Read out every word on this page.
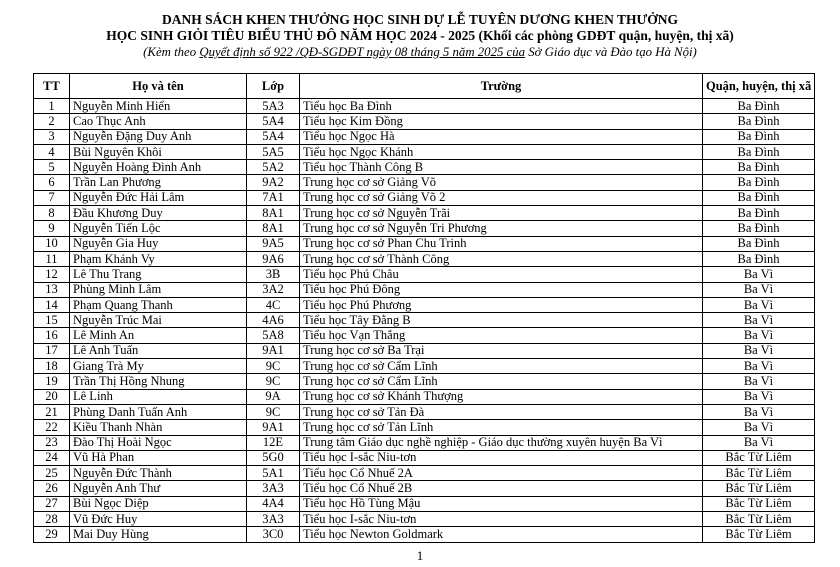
DANH SÁCH KHEN THƯỞNG HỌC SINH DỰ LỄ TUYÊN DƯƠNG KHEN THƯỞNG
HỌC SINH GIỎI TIÊU BIỂU THỦ ĐÔ NĂM HỌC 2024 - 2025 (Khối các phòng GDĐT quận, huyện, thị xã)
(Kèm theo Quyết định số 922 /QĐ-SGDĐT ngày 08 tháng 5 năm 2025 của Sở Giáo dục và Đào tạo Hà Nội)
TT	Họ và tên	Lớp	Trường	Quận, huyện, thị xã
1	Nguyễn Minh Hiển	5A3	Tiểu học Ba Đình	Ba Đình
2	Cao Thục Anh	5A4	Tiểu học Kim Đồng	Ba Đình
3	Nguyễn Đặng Duy Anh	5A4	Tiểu học Ngọc Hà	Ba Đình
4	Bùi Nguyên Khôi	5A5	Tiểu học Ngọc Khánh	Ba Đình
5	Nguyễn Hoàng Đình Anh	5A2	Tiểu học Thành Công B	Ba Đình
6	Trần Lan Phương	9A2	Trung học cơ sở Giảng Võ	Ba Đình
7	Nguyễn Đức Hải Lâm	7A1	Trung học cơ sở Giảng Võ 2	Ba Đình
8	Đầu Khương Duy	8A1	Trung học cơ sở Nguyễn Trãi	Ba Đình
9	Nguyễn Tiến Lộc	8A1	Trung học cơ sở Nguyễn Tri Phương	Ba Đình
10	Nguyễn Gia Huy	9A5	Trung học cơ sở Phan Chu Trinh	Ba Đình
11	Phạm Khánh Vy	9A6	Trung học cơ sở Thành Công	Ba Đình
12	Lê Thu Trang	3B	Tiểu học Phú Châu	Ba Vì
13	Phùng Minh Lâm	3A2	Tiểu học Phú Đông	Ba Vì
14	Phạm Quang Thanh	4C	Tiểu học Phú Phương	Ba Vì
15	Nguyễn Trúc Mai	4A6	Tiểu học Tây Đằng B	Ba Vì
16	Lê Minh An	5A8	Tiểu học Vạn Thắng	Ba Vì
17	Lê Anh Tuấn	9A1	Trung học cơ sở Ba Trại	Ba Vì
18	Giang Trà My	9C	Trung học cơ sở Cẩm Lĩnh	Ba Vì
19	Trần Thị Hồng Nhung	9C	Trung học cơ sở Cẩm Lĩnh	Ba Vì
20	Lê Linh	9A	Trung học cơ sở Khánh Thượng	Ba Vì
21	Phùng Danh Tuấn Anh	9C	Trung học cơ sở Tản Đà	Ba Vì
22	Kiều Thanh Nhàn	9A1	Trung học cơ sở Tản Lĩnh	Ba Vì
23	Đào Thị Hoài Ngọc	12E	Trung tâm Giáo dục nghề nghiệp - Giáo dục thường xuyên huyện Ba Vì	Ba Vì
24	Vũ Hà Phan	5G0	Tiểu học I-sắc Niu-tơn	Bắc Từ Liêm
25	Nguyễn Đức Thành	5A1	Tiểu học Cổ Nhuế 2A	Bắc Từ Liêm
26	Nguyễn Anh Thư	3A3	Tiểu học Cổ Nhuế 2B	Bắc Từ Liêm
27	Bùi Ngọc Diệp	4A4	Tiểu học Hồ Tùng Mậu	Bắc Từ Liêm
28	Vũ Đức Huy	3A3	Tiểu học I-sắc Niu-tơn	Bắc Từ Liêm
29	Mai Duy Hùng	3C0	Tiểu học Newton Goldmark	Bắc Từ Liêm
1
